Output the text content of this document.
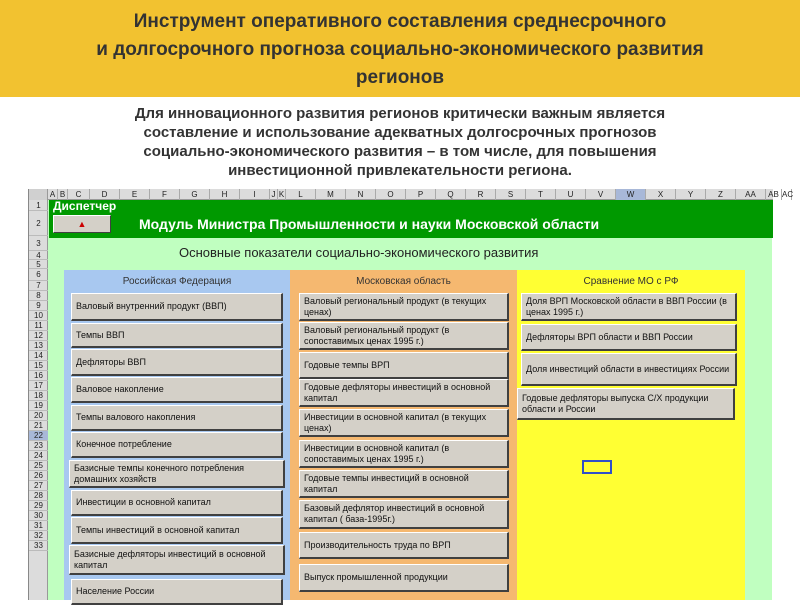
Инструмент оперативного составления среднесрочного
и долгосрочного прогноза социально-экономического развития
регионов
Для инновационного развития регионов критически важным является
составление и использование адекватных долгосрочных прогнозов
социально-экономического развития – в том числе, для повышения
инвестиционной привлекательности региона.
A B	C	D	E	F	G	H	I	J K	L	M	N	O	P	Q	R	S	T	U	V	W	X	Y	Z	AA	AB AC
1
2
3
4
5
6
7
8
9
10
11
12
13
14
15
16
17
18
19
20
21
22
23
24
25
26
27
28
29
30
31
32
33
Диспетчер
▲	Модуль Министра Промышленности и науки Московской области
Основные показатели социально-экономического развития
Российская Федерация	Московская область	Сравнение МО с РФ
Валовый внутренний продукт (ВВП)
Темпы ВВП
Дефляторы ВВП
Валовое накопление
Темпы валового накопления
Конечное потребление
Базисные темпы конечного потребления домашних хозяйств
Инвестиции в основной капитал
Темпы инвестиций в основной капитал
Базисные дефляторы инвестиций в основной капитал
Население России
Валовый региональный продукт (в текущих ценах)
Валовый региональный продукт (в сопоставимых ценах 1995 г.)
Годовые темпы ВРП
Годовые дефляторы инвестиций в основной капитал
Инвестиции в основной капитал (в текущих ценах)
Инвестиции в основной капитал (в сопоставимых ценах 1995 г.)
Годовые темпы инвестиций в основной капитал
Базовый дефлятор инвестиций в основной капитал ( база-1995г.)
Производительность труда по ВРП
Выпуск промышленной продукции
Доля ВРП Московской области в ВВП России (в ценах 1995 г.)
Дефляторы ВРП области и ВВП России
Доля инвестиций области в инвестициях России
Годовые дефляторы выпуска С/Х продукции области и России
